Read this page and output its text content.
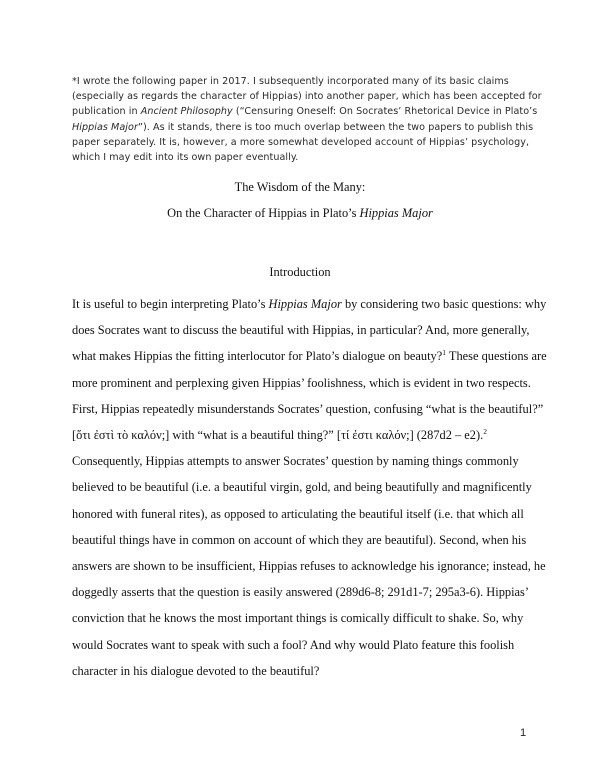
*I wrote the following paper in 2017. I subsequently incorporated many of its basic claims
(especially as regards the character of Hippias) into another paper, which has been accepted for
publication in Ancient Philosophy (“Censuring Oneself: On Socrates’ Rhetorical Device in Plato’s
Hippias Major”). As it stands, there is too much overlap between the two papers to publish this
paper separately. It is, however, a more somewhat developed account of Hippias’ psychology,
which I may edit into its own paper eventually.
The Wisdom of the Many:
On the Character of Hippias in Plato’s Hippias Major
Introduction
It is useful to begin interpreting Plato’s Hippias Major by considering two basic questions: why
does Socrates want to discuss the beautiful with Hippias, in particular? And, more generally,
what makes Hippias the fitting interlocutor for Plato’s dialogue on beauty?$^1$ These questions are
more prominent and perplexing given Hippias’ foolishness, which is evident in two respects.
First, Hippias repeatedly misunderstands Socrates’ question, confusing “what is the beautiful?”
[ὅτι ἐστὶ τὸ καλόν;] with “what is a beautiful thing?” [τί ἐστι καλόν;] (287d2 – e2).$^2$
Consequently, Hippias attempts to answer Socrates’ question by naming things commonly
believed to be beautiful (i.e. a beautiful virgin, gold, and being beautifully and magnificently
honored with funeral rites), as opposed to articulating the beautiful itself (i.e. that which all
beautiful things have in common on account of which they are beautiful). Second, when his
answers are shown to be insufficient, Hippias refuses to acknowledge his ignorance; instead, he
doggedly asserts that the question is easily answered (289d6-8; 291d1-7; 295a3-6). Hippias’
conviction that he knows the most important things is comically difficult to shake. So, why
would Socrates want to speak with such a fool? And why would Plato feature this foolish
character in his dialogue devoted to the beautiful?
1
